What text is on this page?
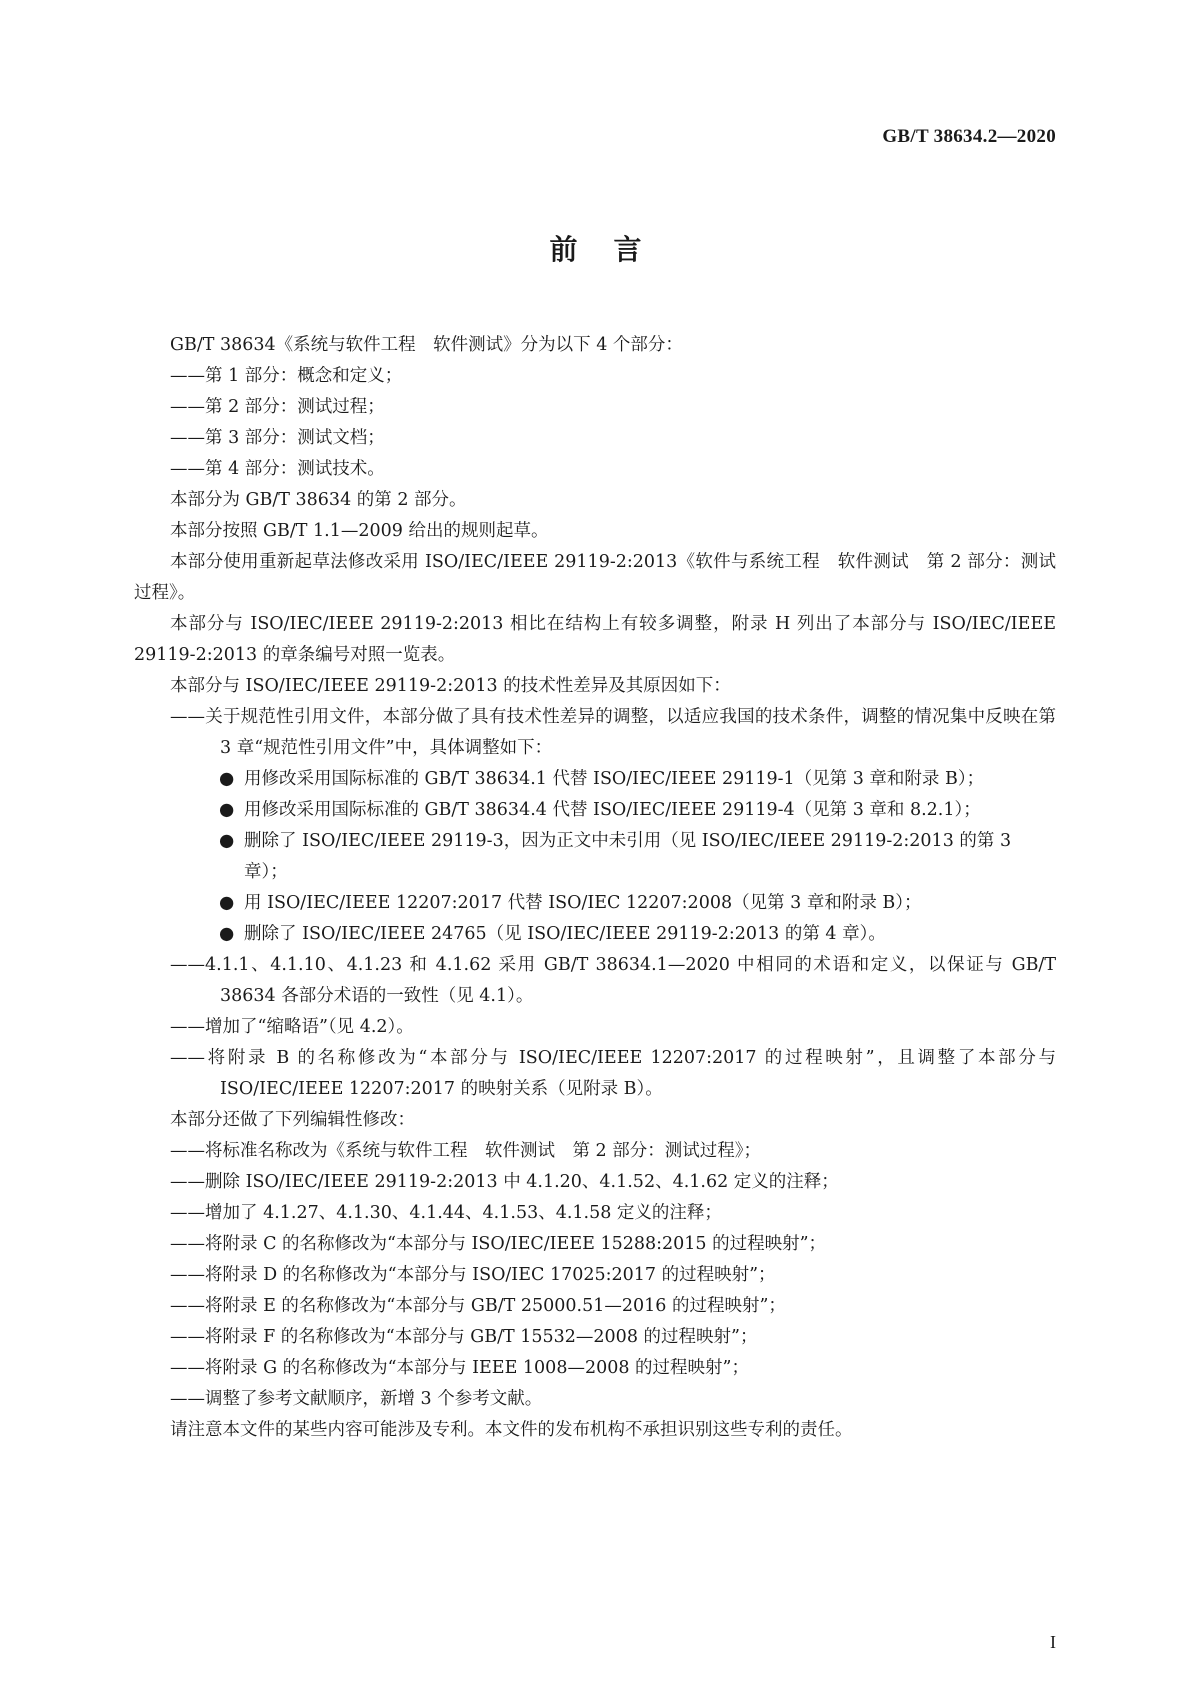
GB/T 38634.2—2020
前言

GB/T 38634《系统与软件工程　软件测试》分为以下 4 个部分：

——第 1 部分：概念和定义；

——第 2 部分：测试过程；

——第 3 部分：测试文档；

——第 4 部分：测试技术。

本部分为 GB/T 38634 的第 2 部分。

本部分按照 GB/T 1.1—2009 给出的规则起草。

本部分使用重新起草法修改采用 ISO/IEC/IEEE 29119-2:2013《软件与系统工程　软件测试　第 2 部分：测试过程》。

本部分与 ISO/IEC/IEEE 29119-2:2013 相比在结构上有较多调整，附录 H 列出了本部分与 ISO/IEC/IEEE 29119-2:2013 的章条编号对照一览表。

本部分与 ISO/IEC/IEEE 29119-2:2013 的技术性差异及其原因如下：

——关于规范性引用文件，本部分做了具有技术性差异的调整，以适应我国的技术条件，调整的情况集中反映在第 3 章“规范性引用文件”中，具体调整如下：

● 用修改采用国际标准的 GB/T 38634.1 代替 ISO/IEC/IEEE 29119-1（见第 3 章和附录 B）；

● 用修改采用国际标准的 GB/T 38634.4 代替 ISO/IEC/IEEE 29119-4（见第 3 章和 8.2.1）；

● 删除了 ISO/IEC/IEEE 29119-3，因为正文中未引用（见 ISO/IEC/IEEE 29119-2:2013 的第 3 章）；

● 用 ISO/IEC/IEEE 12207:2017 代替 ISO/IEC 12207:2008（见第 3 章和附录 B）；

● 删除了 ISO/IEC/IEEE 24765（见 ISO/IEC/IEEE 29119-2:2013 的第 4 章）。

——4.1.1、4.1.10、4.1.23 和 4.1.62 采用 GB/T 38634.1—2020 中相同的术语和定义，以保证与 GB/T 38634 各部分术语的一致性（见 4.1）。

——增加了“缩略语”（见 4.2）。

——将附录 B 的名称修改为“本部分与 ISO/IEC/IEEE 12207:2017 的过程映射”，且调整了本部分与 ISO/IEC/IEEE 12207:2017 的映射关系（见附录 B）。

本部分还做了下列编辑性修改：

——将标准名称改为《系统与软件工程　软件测试　第 2 部分：测试过程》；

——删除 ISO/IEC/IEEE 29119-2:2013 中 4.1.20、4.1.52、4.1.62 定义的注释；

——增加了 4.1.27、4.1.30、4.1.44、4.1.53、4.1.58 定义的注释；

——将附录 C 的名称修改为“本部分与 ISO/IEC/IEEE 15288:2015 的过程映射”；

——将附录 D 的名称修改为“本部分与 ISO/IEC 17025:2017 的过程映射”；

——将附录 E 的名称修改为“本部分与 GB/T 25000.51—2016 的过程映射”；

——将附录 F 的名称修改为“本部分与 GB/T 15532—2008 的过程映射”；

——将附录 G 的名称修改为“本部分与 IEEE 1008—2008 的过程映射”；

——调整了参考文献顺序，新增 3 个参考文献。

请注意本文件的某些内容可能涉及专利。本文件的发布机构不承担识别这些专利的责任。

I
